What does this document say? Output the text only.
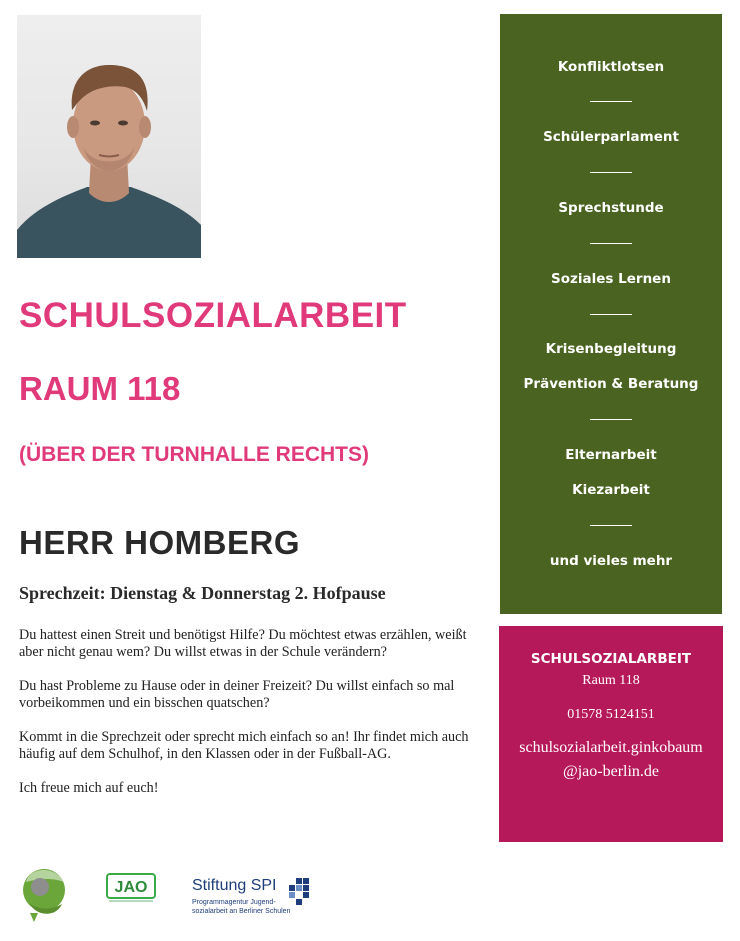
SCHULSOZIALARBEIT
RAUM 118
(ÜBER DER TURNHALLE RECHTS)
HERR HOMBERG
Sprechzeit: Dienstag & Donnerstag 2. Hofpause

Du hattest einen Streit und benötigst Hilfe? Du möchtest etwas erzählen, weißt aber nicht genau wem? Du willst etwas in der Schule verändern?

Du hast Probleme zu Hause oder in deiner Freizeit? Du willst einfach so mal vorbeikommen und ein bisschen quatschen?

Kommt in die Sprechzeit oder sprecht mich einfach so an! Ihr findet mich auch häufig auf dem Schulhof, in den Klassen oder in der Fußball-AG.

Ich freue mich auf euch!

Konfliktlotsen
Schülerparlament
Sprechstunde
Soziales Lernen
Krisenbegleitung
Prävention & Beratung
Elternarbeit
Kiezarbeit
und vieles mehr
SCHULSOZIALARBEIT
Raum 118
01578 5124151
schulsozialarbeit.ginkobaum
@jao-berlin.de
JAO	Stiftung SPI
Programmagentur Jugend-
sozialarbeit an Berliner Schulen
